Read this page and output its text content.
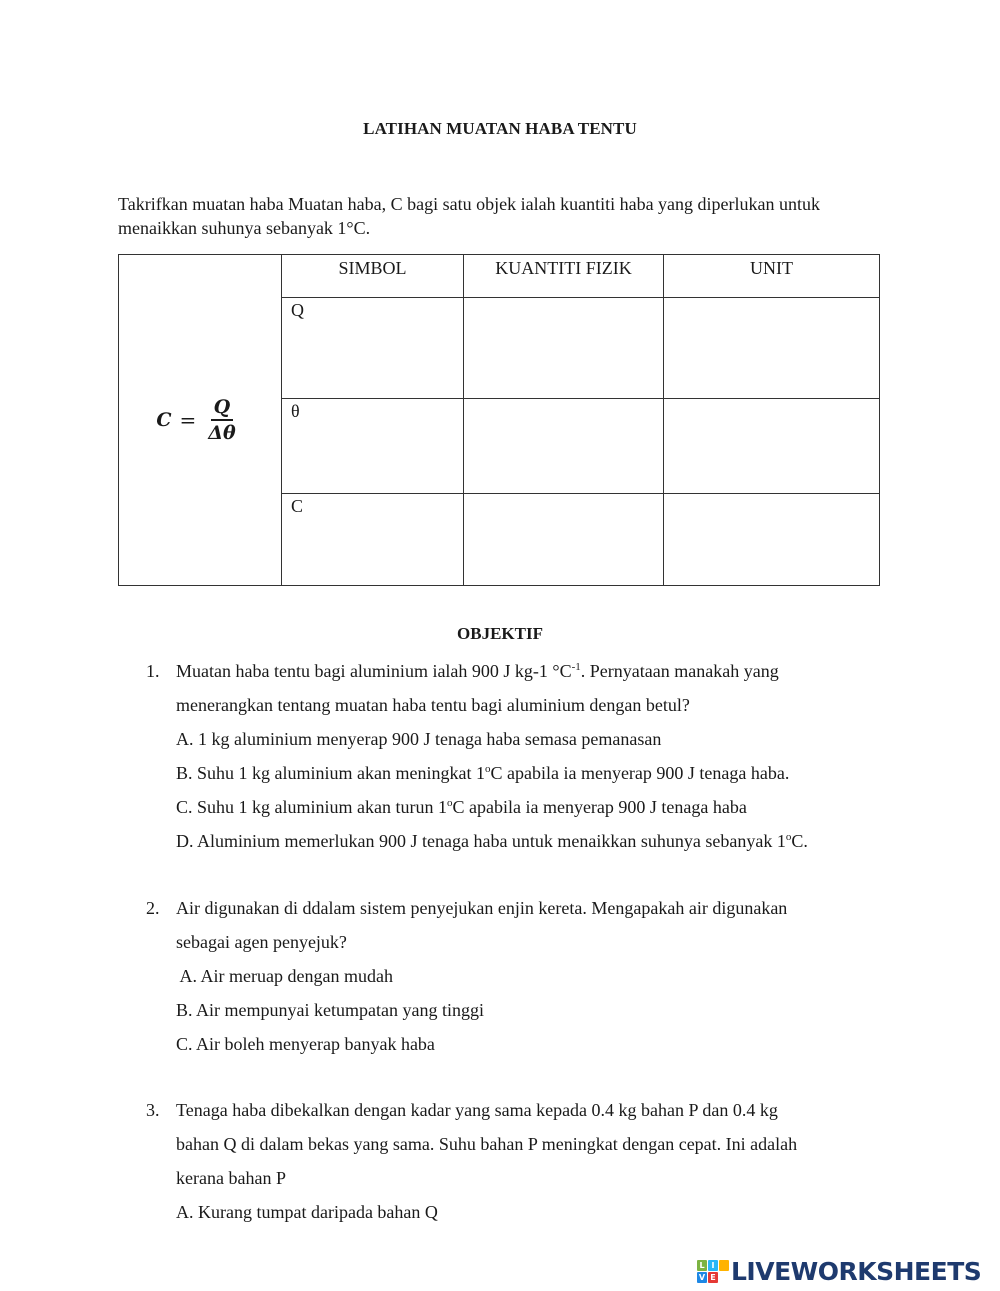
LATIHAN MUATAN HABA TENTU
Takrifkan muatan haba Muatan haba, C bagi satu objek ialah kuantiti haba yang diperlukan untuk menaikkan suhunya sebanyak 1°C.
$C = \frac{Q}{\Delta\theta}$	SIMBOL	KUANTITI FIZIK	UNIT
	Q		
	θ		
	C		
OBJEKTIF
1. Muatan haba tentu bagi aluminium ialah 900 J kg-1 $^\circ C^{-1}$. Pernyataan manakah yang
menerangkan tentang muatan haba tentu bagi aluminium dengan betul?
A. 1 kg aluminium menyerap 900 J tenaga haba semasa pemanasan
B. Suhu 1 kg aluminium akan meningkat 1$^o$C apabila ia menyerap 900 J tenaga haba.
C. Suhu 1 kg aluminium akan turun 1$^o$C apabila ia menyerap 900 J tenaga haba
D. Aluminium memerlukan 900 J tenaga haba untuk menaikkan suhunya sebanyak 1$^o$C.
2. Air digunakan di ddalam sistem penyejukan enjin kereta. Mengapakah air digunakan
sebagai agen penyejuk?
A. Air meruap dengan mudah
B. Air mempunyai ketumpatan yang tinggi
C. Air boleh menyerap banyak haba
3. Tenaga haba dibekalkan dengan kadar yang sama kepada 0.4 kg bahan P dan 0.4 kg
bahan Q di dalam bekas yang sama. Suhu bahan P meningkat dengan cepat. Ini adalah
kerana bahan P
A. Kurang tumpat daripada bahan Q
L I
V E LIVEWORKSHEETS
